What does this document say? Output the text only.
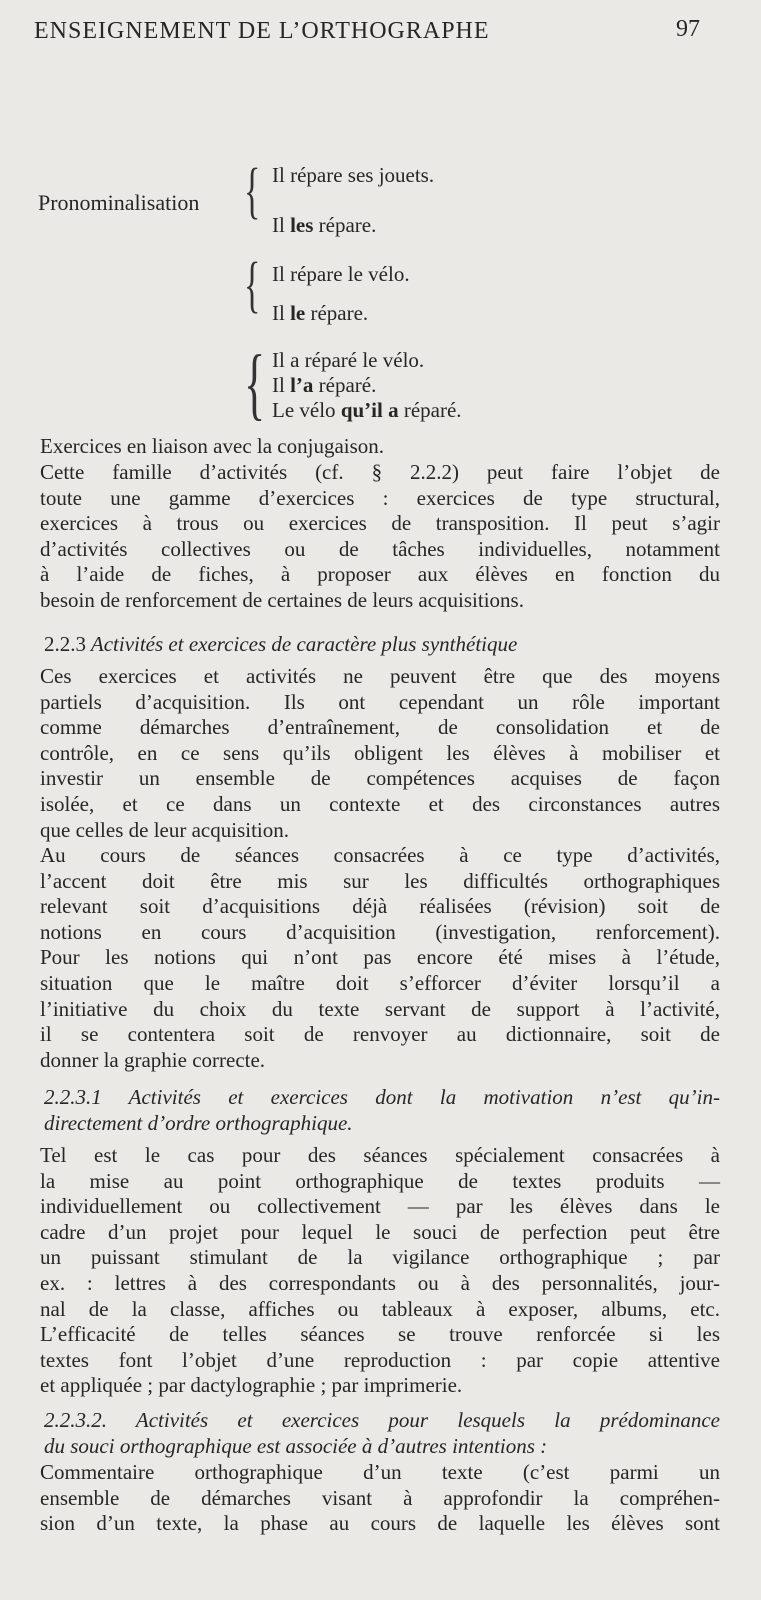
ENSEIGNEMENT DE L’ORTHOGRAPHE	97
Pronominalisation { Il répare ses jouets.
Il les répare.
{ Il répare le vélo.
Il le répare.
{ Il a réparé le vélo.
Il l’a réparé.
Le vélo qu’il a réparé.
Exercices en liaison avec la conjugaison.
Cette famille d’activités (cf. § 2.2.2) peut faire l’objet de
toute une gamme d’exercices : exercices de type structural,
exercices à trous ou exercices de transposition. Il peut s’agir
d’activités collectives ou de tâches individuelles, notamment
à l’aide de fiches, à proposer aux élèves en fonction du
besoin de renforcement de certaines de leurs acquisitions.
2.2.3 Activités et exercices de caractère plus synthétique
Ces exercices et activités ne peuvent être que des moyens
partiels d’acquisition. Ils ont cependant un rôle important
comme démarches d’entraînement, de consolidation et de
contrôle, en ce sens qu’ils obligent les élèves à mobiliser et
investir un ensemble de compétences acquises de façon
isolée, et ce dans un contexte et des circonstances autres
que celles de leur acquisition.
Au cours de séances consacrées à ce type d’activités,
l’accent doit être mis sur les difficultés orthographiques
relevant soit d’acquisitions déjà réalisées (révision) soit de
notions en cours d’acquisition (investigation, renforcement).
Pour les notions qui n’ont pas encore été mises à l’étude,
situation que le maître doit s’efforcer d’éviter lorsqu’il a
l’initiative du choix du texte servant de support à l’activité,
il se contentera soit de renvoyer au dictionnaire, soit de
donner la graphie correcte.
2.2.3.1 Activités et exercices dont la motivation n’est qu’in-
directement d’ordre orthographique.
Tel est le cas pour des séances spécialement consacrées à
la mise au point orthographique de textes produits —
individuellement ou collectivement — par les élèves dans le
cadre d’un projet pour lequel le souci de perfection peut être
un puissant stimulant de la vigilance orthographique ; par
ex. : lettres à des correspondants ou à des personnalités, jour-
nal de la classe, affiches ou tableaux à exposer, albums, etc.
L’efficacité de telles séances se trouve renforcée si les
textes font l’objet d’une reproduction : par copie attentive
et appliquée ; par dactylographie ; par imprimerie.
2.2.3.2. Activités et exercices pour lesquels la prédominance
du souci orthographique est associée à d’autres intentions :
Commentaire orthographique d’un texte (c’est parmi un
ensemble de démarches visant à approfondir la compréhen-
sion d’un texte, la phase au cours de laquelle les élèves sont
